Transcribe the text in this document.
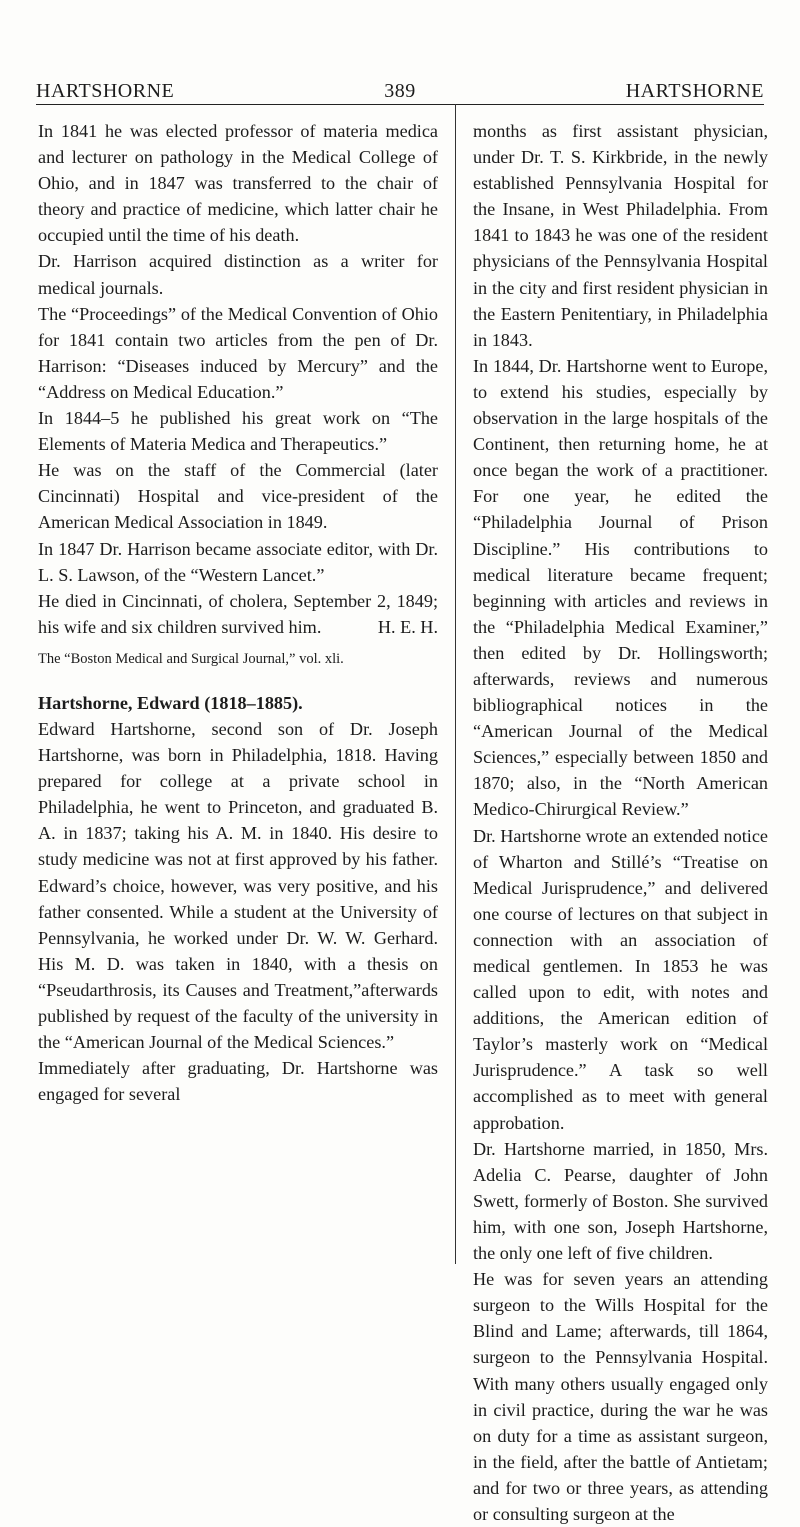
HARTSHORNE	389	HARTSHORNE

In 1841 he was elected professor of materia medica and lecturer on pathology in the Medical College of Ohio, and in 1847 was transferred to the chair of theory and practice of medicine, which latter chair he occupied until the time of his death.

Dr. Harrison acquired distinction as a writer for medical journals.

The “Proceedings” of the Medical Convention of Ohio for 1841 contain two articles from the pen of Dr. Harrison: “Diseases induced by Mercury” and the “Address on Medical Education.”

In 1844–5 he published his great work on “The Elements of Materia Medica and Therapeutics.”

He was on the staff of the Commercial (later Cincinnati) Hospital and vice-president of the American Medical Association in 1849.

In 1847 Dr. Harrison became associate editor, with Dr. L. S. Lawson, of the “Western Lancet.”

He died in Cincinnati, of cholera, September 2, 1849; his wife and six children survived him.	H. E. H.

The “Boston Medical and Surgical Journal,” vol. xli.

Hartshorne, Edward (1818–1885).

Edward Hartshorne, second son of Dr. Joseph Hartshorne, was born in Philadelphia, 1818. Having prepared for college at a private school in Philadelphia, he went to Princeton, and graduated B. A. in 1837; taking his A. M. in 1840. His desire to study medicine was not at first approved by his father. Edward’s choice, however, was very positive, and his father consented. While a student at the University of Pennsylvania, he worked under Dr. W. W. Gerhard. His M. D. was taken in 1840, with a thesis on “Pseudarthrosis, its Causes and Treatment,”afterwards published by request of the faculty of the university in the “American Journal of the Medical Sciences.”

Immediately after graduating, Dr. Hartshorne was engaged for several

months as first assistant physician, under Dr. T. S. Kirkbride, in the newly established Pennsylvania Hospital for the Insane, in West Philadelphia. From 1841 to 1843 he was one of the resident physicians of the Pennsylvania Hospital in the city and first resident physician in the Eastern Penitentiary, in Philadelphia in 1843.

In 1844, Dr. Hartshorne went to Europe, to extend his studies, especially by observation in the large hospitals of the Continent, then returning home, he at once began the work of a practitioner. For one year, he edited the “Philadelphia Journal of Prison Discipline.” His contributions to medical literature became frequent; beginning with articles and reviews in the “Philadelphia Medical Examiner,” then edited by Dr. Hollingsworth; afterwards, reviews and numerous bibliographical notices in the “American Journal of the Medical Sciences,” especially between 1850 and 1870; also, in the “North American Medico-Chirurgical Review.”

Dr. Hartshorne wrote an extended notice of Wharton and Stillé’s “Treatise on Medical Jurisprudence,” and delivered one course of lectures on that subject in connection with an association of medical gentlemen. In 1853 he was called upon to edit, with notes and additions, the American edition of Taylor’s masterly work on “Medical Jurisprudence.” A task so well accomplished as to meet with general approbation.

Dr. Hartshorne married, in 1850, Mrs. Adelia C. Pearse, daughter of John Swett, formerly of Boston. She survived him, with one son, Joseph Hartshorne, the only one left of five children.

He was for seven years an attending surgeon to the Wills Hospital for the Blind and Lame; afterwards, till 1864, surgeon to the Pennsylvania Hospital. With many others usually engaged only in civil practice, during the war he was on duty for a time as assistant surgeon, in the field, after the battle of Antietam; and for two or three years, as attending or consulting surgeon at the
